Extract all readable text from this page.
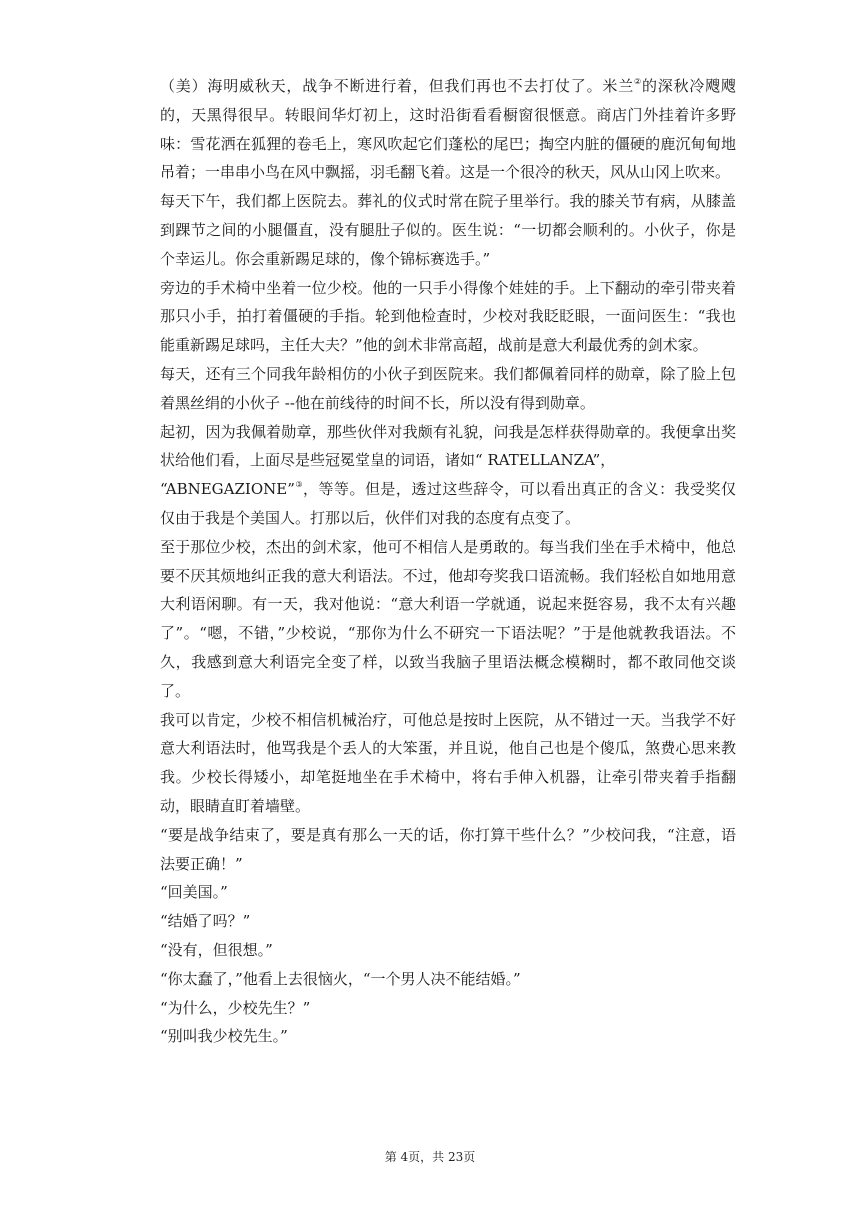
（美）海明威秋天，战争不断进行着，但我们再也不去打仗了。米兰②的深秋冷飕飕的，天黑得很早。转眼间华灯初上，这时沿街看看橱窗很惬意。商店门外挂着许多野味：雪花洒在狐狸的卷毛上，寒风吹起它们蓬松的尾巴；掏空内脏的僵硬的鹿沉甸甸地吊着；一串串小鸟在风中飘摇，羽毛翻飞着。这是一个很冷的秋天，风从山冈上吹来。

每天下午，我们都上医院去。葬礼的仪式时常在院子里举行。我的膝关节有病，从膝盖到踝节之间的小腿僵直，没有腿肚子似的。医生说：“一切都会顺利的。小伙子，你是个幸运儿。你会重新踢足球的，像个锦标赛选手。”

旁边的手术椅中坐着一位少校。他的一只手小得像个娃娃的手。上下翻动的牵引带夹着那只小手，拍打着僵硬的手指。轮到他检查时，少校对我眨眨眼，一面问医生：“我也能重新踢足球吗，主任大夫？”他的剑术非常高超，战前是意大利最优秀的剑术家。

每天，还有三个同我年龄相仿的小伙子到医院来。我们都佩着同样的勋章，除了脸上包着黑丝绢的小伙子 --他在前线待的时间不长，所以没有得到勋章。

起初，因为我佩着勋章，那些伙伴对我颇有礼貌，问我是怎样获得勋章的。我便拿出奖状给他们看，上面尽是些冠冕堂皇的词语，诸如“ RATELLANZA”，
“ABNEGAZIONE”③，等等。但是，透过这些辞令，可以看出真正的含义：我受奖仅仅由于我是个美国人。打那以后，伙伴们对我的态度有点变了。

至于那位少校，杰出的剑术家，他可不相信人是勇敢的。每当我们坐在手术椅中，他总要不厌其烦地纠正我的意大利语法。不过，他却夸奖我口语流畅。我们轻松自如地用意大利语闲聊。有一天，我对他说：“意大利语一学就通，说起来挺容易，我不太有兴趣了”。“嗯，不错，”少校说，“那你为什么不研究一下语法呢？”于是他就教我语法。不久，我感到意大利语完全变了样，以致当我脑子里语法概念模糊时，都不敢同他交谈了。

我可以肯定，少校不相信机械治疗，可他总是按时上医院，从不错过一天。当我学不好意大利语法时，他骂我是个丢人的大笨蛋，并且说，他自己也是个傻瓜，煞费心思来教我。少校长得矮小，却笔挺地坐在手术椅中，将右手伸入机器，让牵引带夹着手指翻动，眼睛直盯着墙壁。

“要是战争结束了，要是真有那么一天的话，你打算干些什么？”少校问我，“注意，语法要正确！”

“回美国。”

“结婚了吗？”

“没有，但很想。”

“你太蠢了，”他看上去很恼火，“一个男人决不能结婚。”

“为什么，少校先生？”

“别叫我少校先生。”

第 4页，共 23页
